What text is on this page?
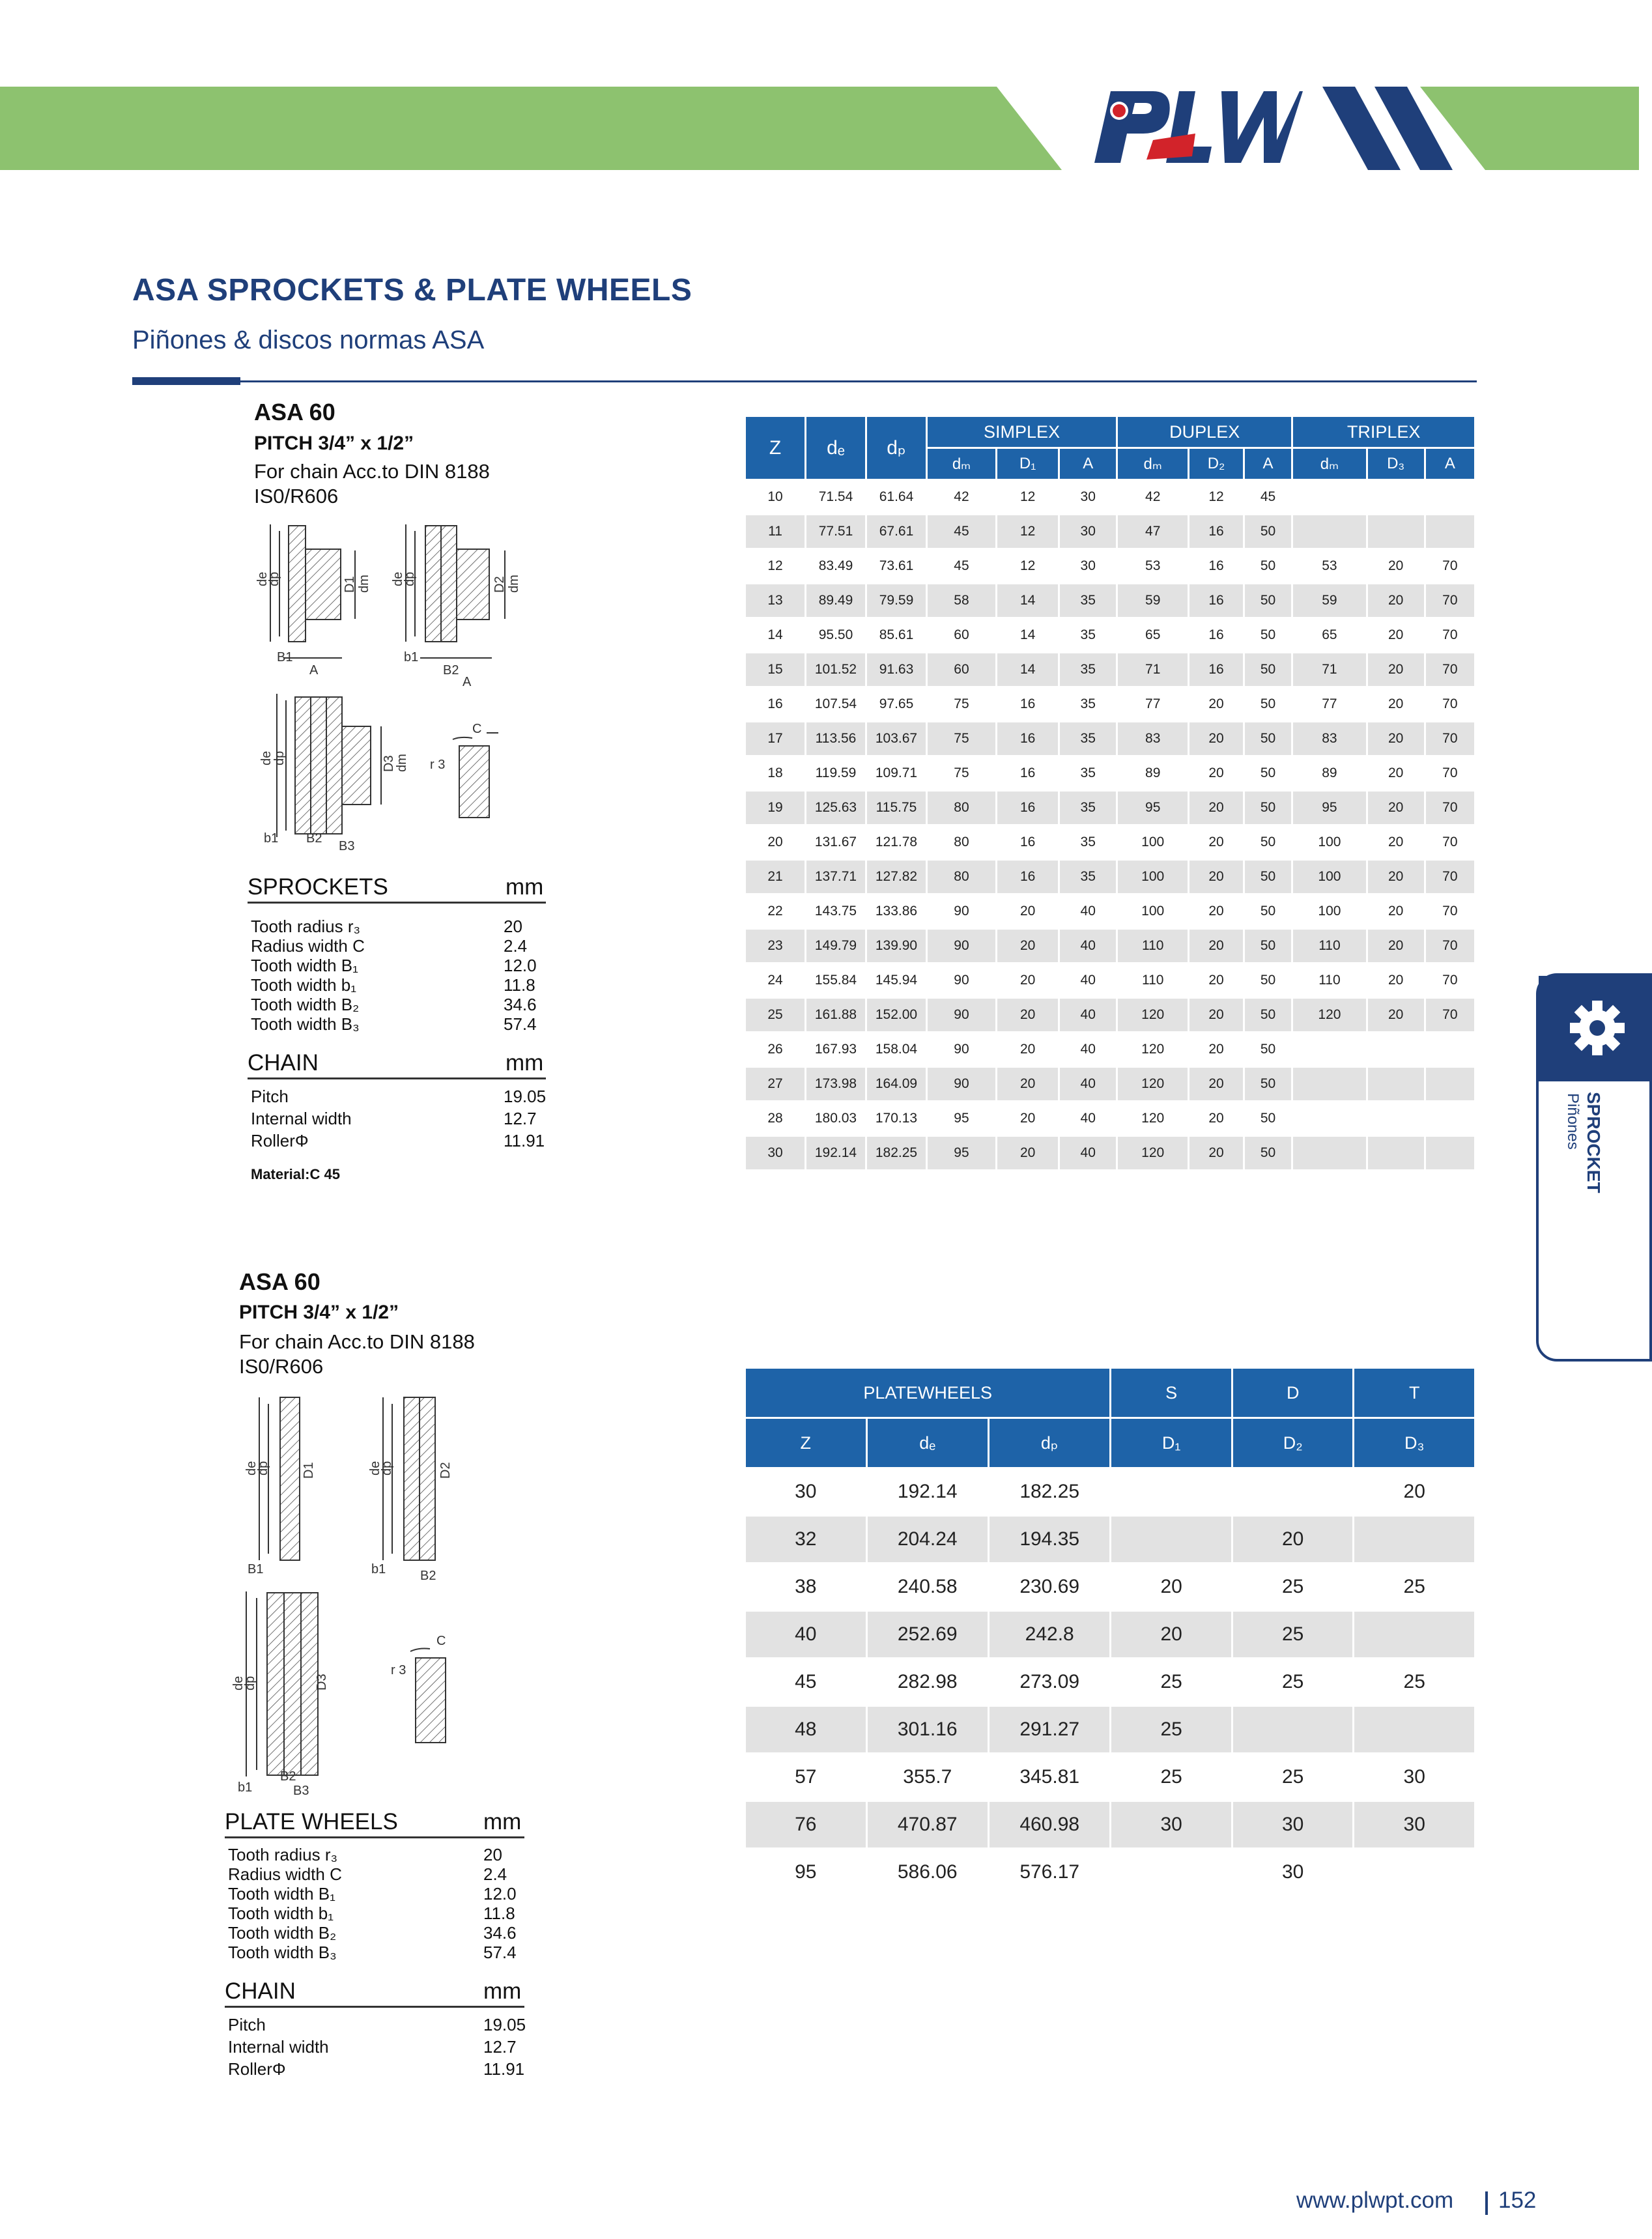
ASA SPROCKETS & PLATE WHEELS
Piñones & discos normas ASA
ASA 60
PITCH 3/4” x 1/2”
For chain Acc.to DIN 8188
IS0/R606
B1
A
b1
B2
A
b1 B2
B3
C
r 3
de
dp	D1 dm de
dp	D2 dm
de
dp	D3
dm
SPROCKETS	mm
Tooth radius r₃	20
Radius width C	2.4
Tooth width B₁	12.0
Tooth width b₁	11.8
Tooth width B₂	34.6
Tooth width B₃	57.4
CHAIN	mm
Pitch	19.05
Internal width	12.7
RollerΦ	11.91
Material:C 45
Z	dₑ	dₚ	SIMPLEX			DUPLEX			TRIPLEX		
			dₘ	D₁	A	dₘ	D₂	A	dₘ	D₃	A
10	71.54	61.64	42	12	30	42	12	45			
11	77.51	67.61	45	12	30	47	16	50			
12	83.49	73.61	45	12	30	53	16	50	53	20	70
13	89.49	79.59	58	14	35	59	16	50	59	20	70
14	95.50	85.61	60	14	35	65	16	50	65	20	70
15	101.52	91.63	60	14	35	71	16	50	71	20	70
16	107.54	97.65	75	16	35	77	20	50	77	20	70
17	113.56	103.67	75	16	35	83	20	50	83	20	70
18	119.59	109.71	75	16	35	89	20	50	89	20	70
19	125.63	115.75	80	16	35	95	20	50	95	20	70
20	131.67	121.78	80	16	35	100	20	50	100	20	70
21	137.71	127.82	80	16	35	100	20	50	100	20	70
22	143.75	133.86	90	20	40	100	20	50	100	20	70
23	149.79	139.90	90	20	40	110	20	50	110	20	70
24	155.84	145.94	90	20	40	110	20	50	110	20	70
25	161.88	152.00	90	20	40	120	20	50	120	20	70
26	167.93	158.04	90	20	40	120	20	50			
27	173.98	164.09	90	20	40	120	20	50			
28	180.03	170.13	95	20	40	120	20	50			
30	192.14	182.25	95	20	40	120	20	50			
ASA 60
PITCH 3/4” x 1/2”
For chain Acc.to DIN 8188
IS0/R606
B1	b1	B2
b1
B2
B3
C
r 3
de
dp D1	de
dp	D2
de
dp	D3
PLATE WHEELS	mm
Tooth radius r₃	20
Radius width C	2.4
Tooth width B₁	12.0
Tooth width b₁	11.8
Tooth width B₂	34.6
Tooth width B₃	57.4
CHAIN	mm
Pitch	19.05
Internal width	12.7
RollerΦ	11.91
PLATEWHEELS			S	D	T
Z	dₑ	dₚ	D₁	D₂	D₃
30	192.14	182.25			20
32	204.24	194.35		20	
38	240.58	230.69	20	25	25
40	252.69	242.8	20	25	
45	282.98	273.09	25	25	25
48	301.16	291.27	25		
57	355.7	345.81	25	25	30
76	470.87	460.98	30	30	30
95	586.06	576.17		30	
SPROCKET
Piñones
www.plwpt.com 152
